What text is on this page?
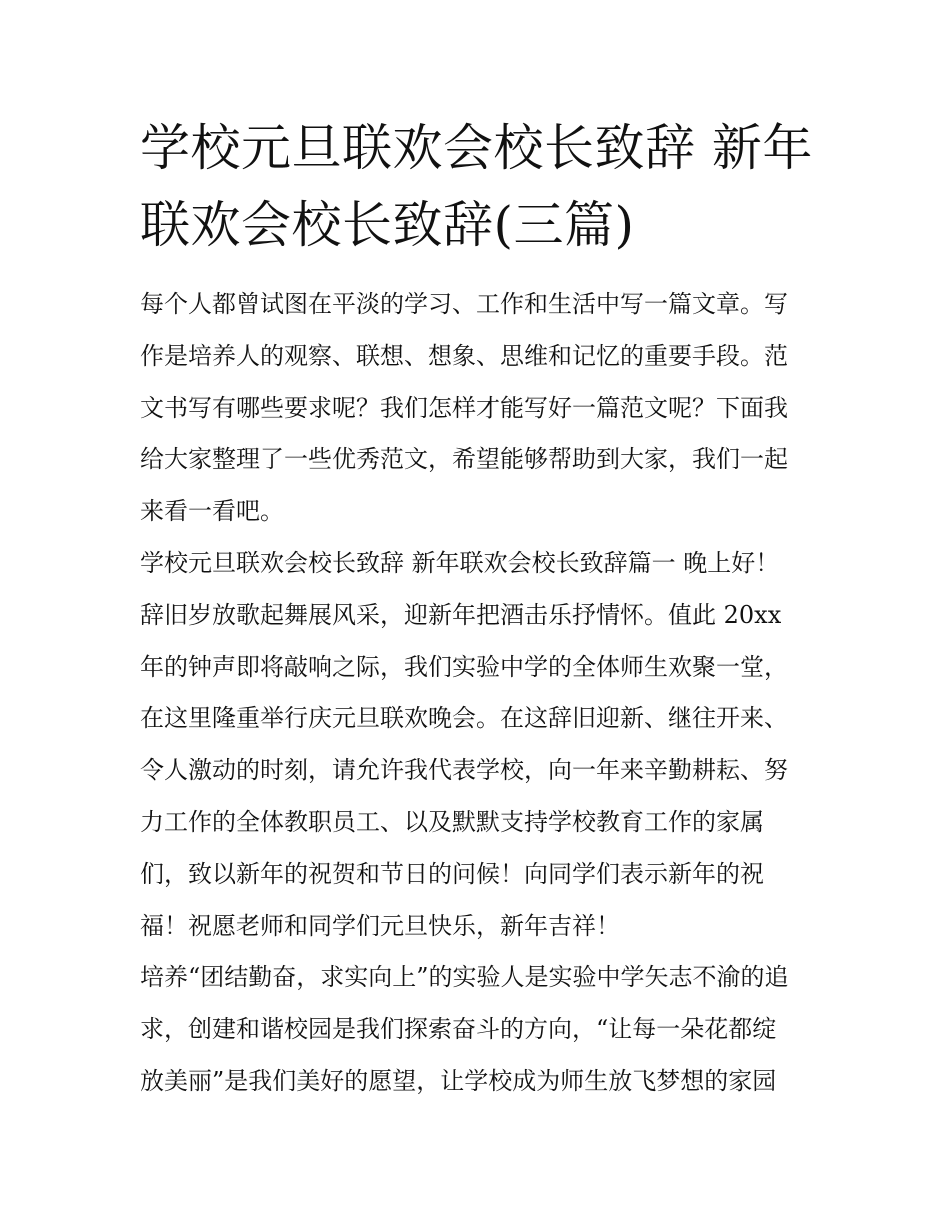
学校元旦联欢会校长致辞 新年
联欢会校长致辞(三篇)
每个人都曾试图在平淡的学习、工作和生活中写一篇文章。写
作是培养人的观察、联想、想象、思维和记忆的重要手段。范
文书写有哪些要求呢？我们怎样才能写好一篇范文呢？下面我
给大家整理了一些优秀范文，希望能够帮助到大家，我们一起
来看一看吧。
学校元旦联欢会校长致辞 新年联欢会校长致辞篇一 晚上好！
辞旧岁放歌起舞展风采，迎新年把酒击乐抒情怀。值此 20xx
年的钟声即将敲响之际，我们实验中学的全体师生欢聚一堂，
在这里隆重举行庆元旦联欢晚会。在这辞旧迎新、继往开来、
令人激动的时刻，请允许我代表学校，向一年来辛勤耕耘、努
力工作的全体教职员工、以及默默支持学校教育工作的家属
们，致以新年的祝贺和节日的问候！向同学们表示新年的祝
福！祝愿老师和同学们元旦快乐，新年吉祥！
培养“团结勤奋，求实向上”的实验人是实验中学矢志不渝的追
求，创建和谐校园是我们探索奋斗的方向，“让每一朵花都绽
放美丽”是我们美好的愿望，让学校成为师生放飞梦想的家园
